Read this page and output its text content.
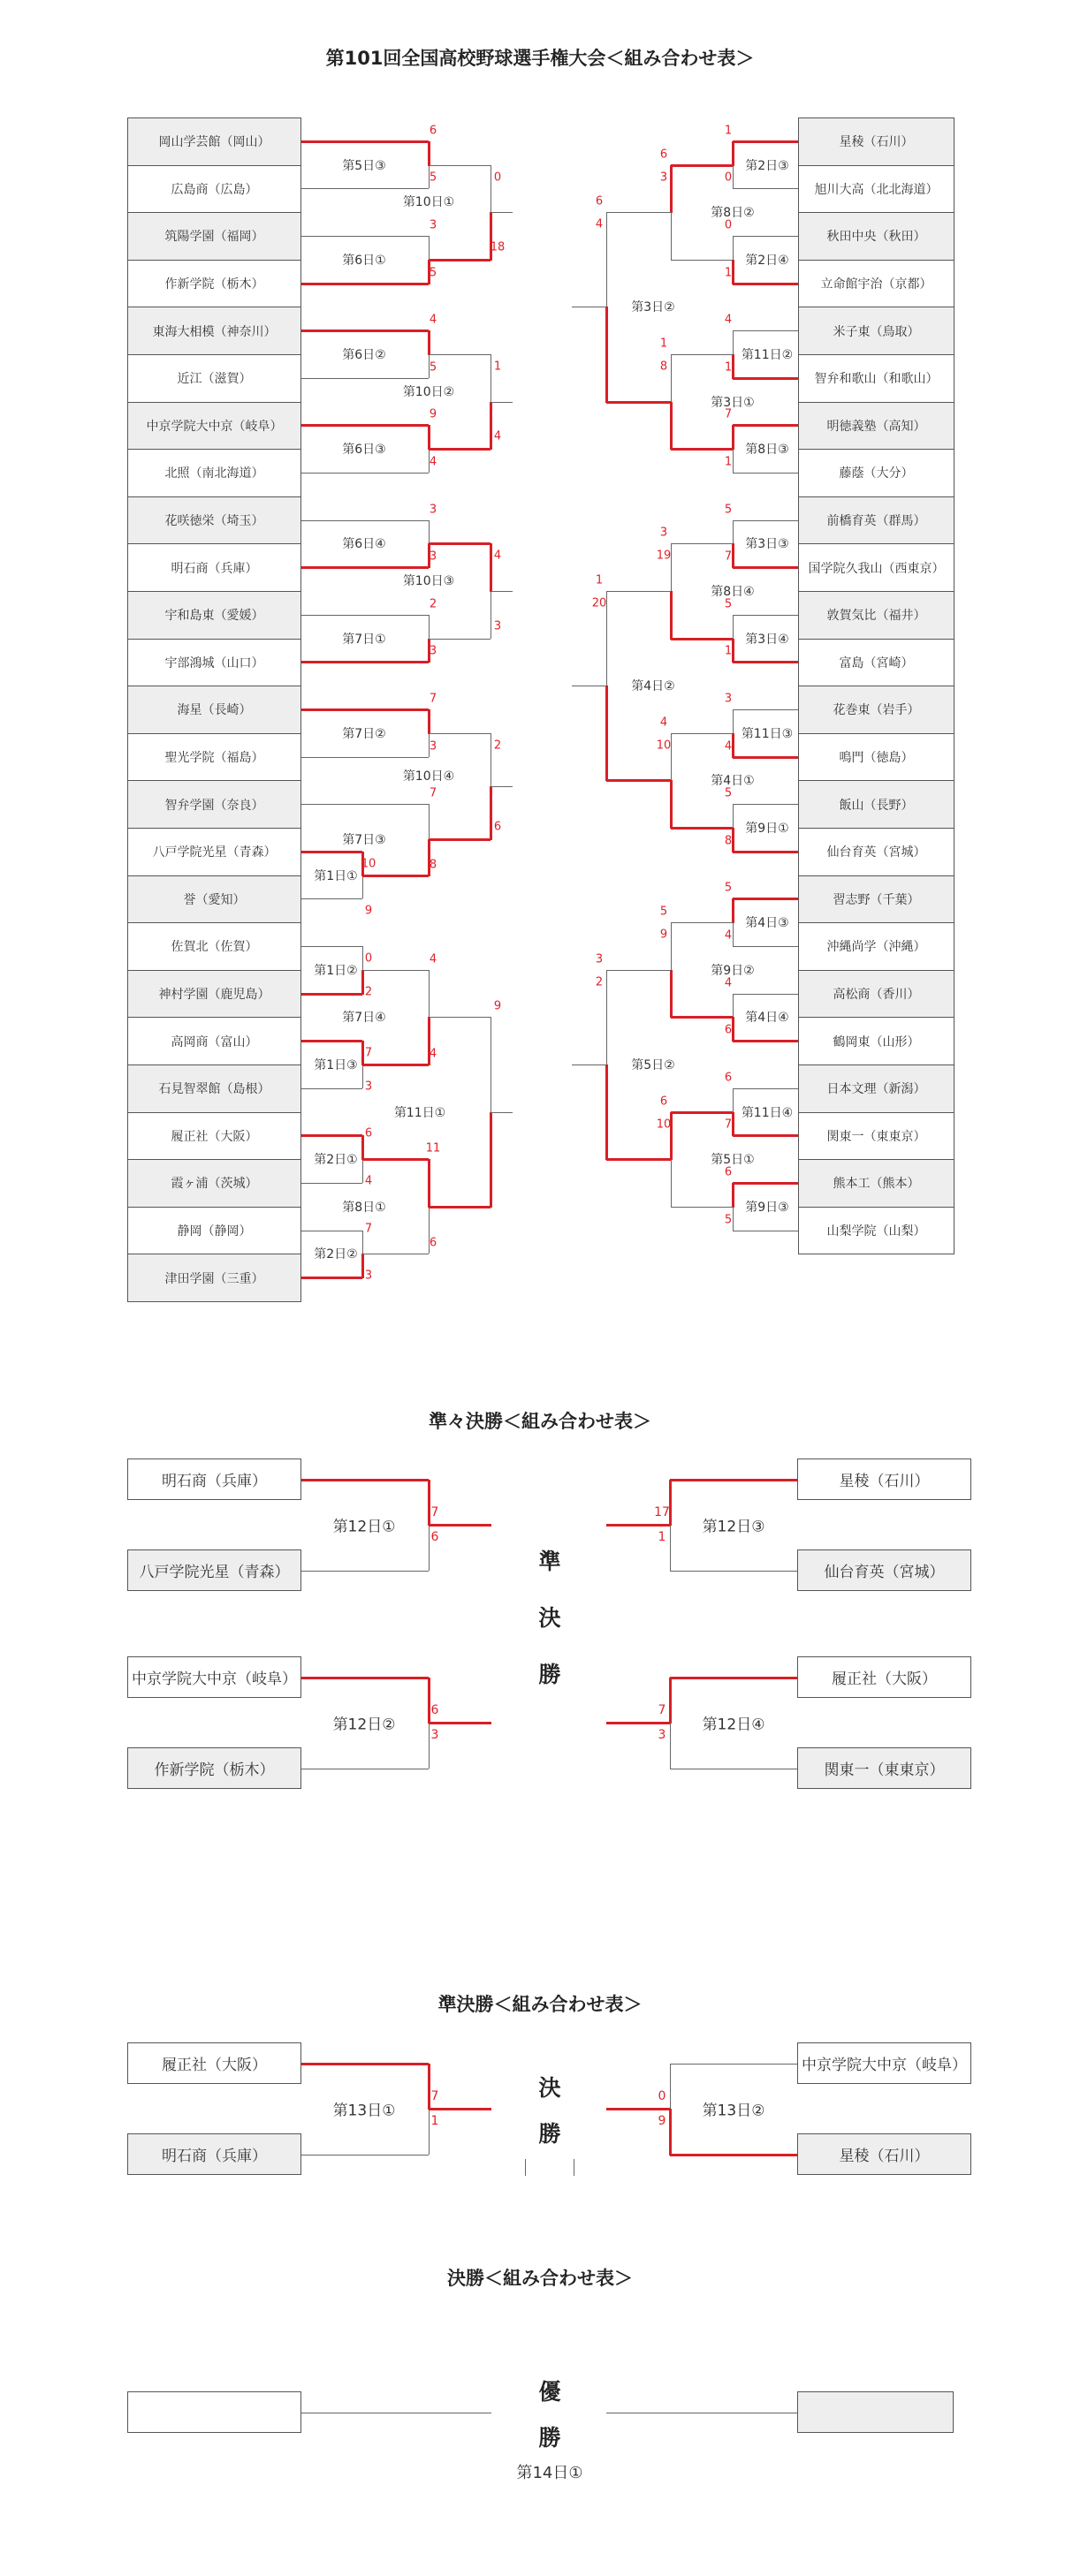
第101回全国高校野球選手権大会＜組み合わせ表＞
準々決勝＜組み合わせ表＞
準決勝＜組み合わせ表＞
決勝＜組み合わせ表＞
岡山学芸館（岡山）
広島商（広島）
筑陽学園（福岡）
作新学院（栃木）
東海大相模（神奈川）
近江（滋賀）
中京学院大中京（岐阜）
北照（南北海道）
花咲徳栄（埼玉）
明石商（兵庫）
宇和島東（愛媛）
宇部鴻城（山口）
海星（長崎）
聖光学院（福島）
智弁学園（奈良）
八戸学院光星（青森）
誉（愛知）
佐賀北（佐賀）
神村学園（鹿児島）
高岡商（富山）
石見智翠館（島根）
履正社（大阪）
霞ヶ浦（茨城）
静岡（静岡）
津田学園（三重）
6
5
第5日③
0
18
第10日①
3
5
第6日①
第6日②
4
5	1
4
第10日②
第6日③
9
4
第6日④
3
3	4
3
第10日③
第7日①
2
3
第7日②
7
3	2
6
第10日④
第7日③
7
8
10
9
第1日①
第1日②
0
2
第7日④
7
3
第1日③
4
4
9
第11日①
6
4
第2日①
11
6
第8日①
7
3
第2日②
星稜（石川）
旭川大高（北北海道）
秋田中央（秋田）
立命館宇治（京都）
米子東（鳥取）
智弁和歌山（和歌山）
明徳義塾（高知）
藤蔭（大分）
前橋育英（群馬）
国学院久我山（西東京）
敦賀気比（福井）
富島（宮崎）
花巻東（岩手）
鳴門（徳島）
飯山（長野）
仙台育英（宮城）
習志野（千葉）
沖縄尚学（沖縄）
高松商（香川）
鶴岡東（山形）
日本文理（新潟）
関東一（東東京）
熊本工（熊本）
山梨学院（山梨）
第2日③
1
0
6
3
第8日②
0
1
第2日④
第11日②
4
1
1
8
第3日①
7
1
第8日③
6
4
第3日②
第3日③
5
7
3
19
第8日④
5
1
第3日④
第11日③
3
4
4
10
第4日①
5
8
第9日①
1
20
第4日②
第4日③
5
4
5
9
第9日②
4
6
第4日④
第11日④
6
7
6
10
第5日①
6
5
第9日③
3
2
第5日②
明石商（兵庫）
八戸学院光星（青森）
7
6
第12日①
中京学院大中京（岐阜）
作新学院（栃木）
6
3
第12日②
星稜（石川）
仙台育英（宮城）
17
1
第12日③
履正社（大阪）
関東一（東東京）
7
3
第12日④
準
決
勝
履正社（大阪）
明石商（兵庫）
7
1
第13日①
中京学院大中京（岐阜）
星稜（石川）
0
9
第13日②
決
勝
優
勝
第14日①
